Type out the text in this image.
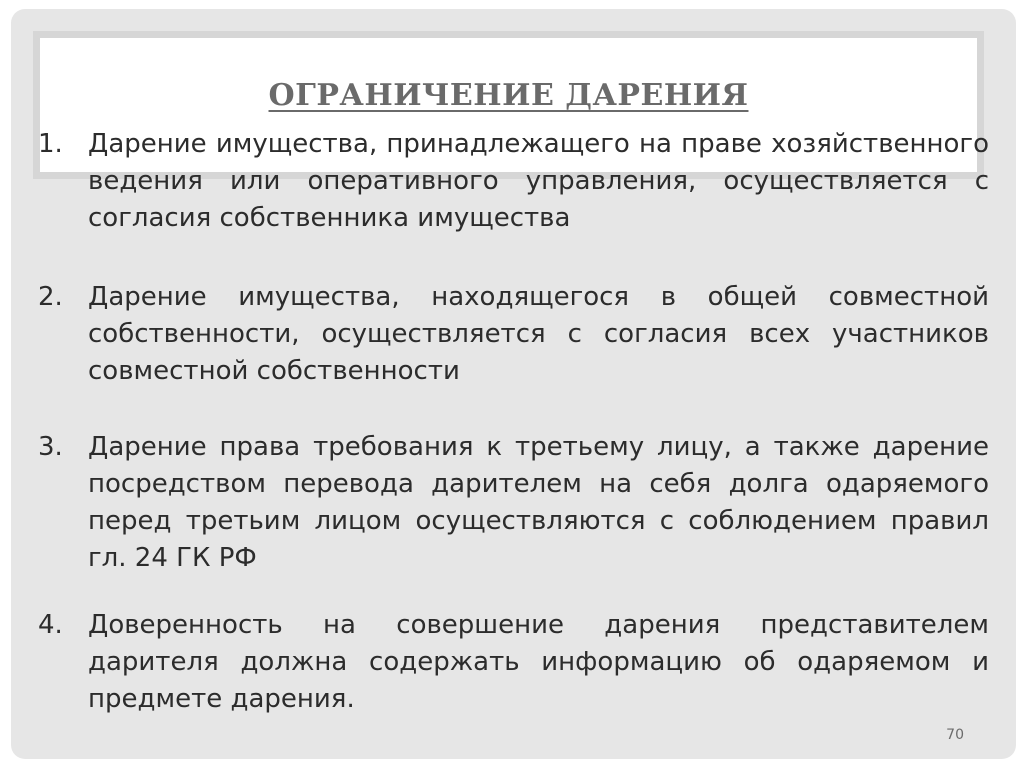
ОГРАНИЧЕНИЕ ДАРЕНИЯ
1. Дарение имущества, принадлежащего на праве хозяйственного ведения или оперативного управления, осуществляется с согласия собственника имущества
2. Дарение имущества, находящегося в общей совместной собственности, осуществляется с согласия всех участников совместной собственности
3. Дарение права требования к третьему лицу, а также дарение посредством перевода дарителем на себя долга одаряемого перед третьим лицом осуществляются с соблюдением правил гл. 24 ГК РФ
4. Доверенность на совершение дарения представителем дарителя должна содержать информацию об одаряемом и предмете дарения.
70
